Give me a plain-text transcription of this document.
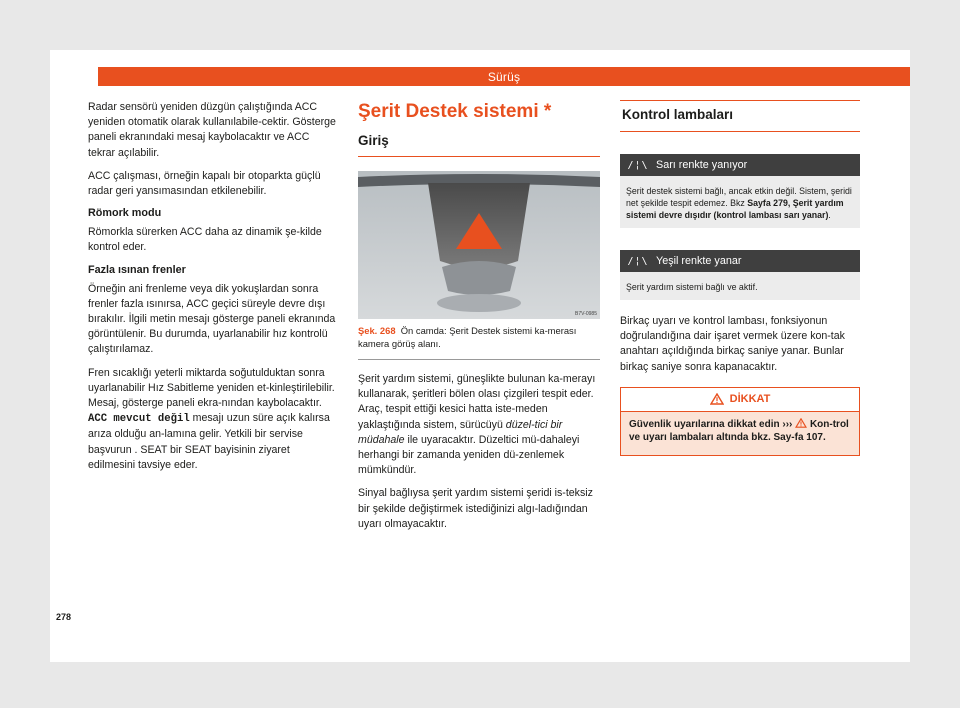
Sürüş

Radar sensörü yeniden düzgün çalıştığında ACC yeniden otomatik olarak kullanılabile-cektir. Gösterge paneli ekranındaki mesaj kaybolacaktır ve ACC tekrar açılabilir.

ACC çalışması, örneğin kapalı bir otoparkta güçlü radar geri yansımasından etkilenebilir.

Römork modu

Römorkla sürerken ACC daha az dinamik şe-kilde kontrol eder.

Fazla ısınan frenler

Örneğin ani frenleme veya dik yokuşlardan sonra frenler fazla ısınırsa, ACC geçici süreyle devre dışı bırakılır. İlgili metin mesajı gösterge paneli ekranında görüntülenir. Bu durumda, uyarlanabilir hız kontrolü çalıştırılamaz.

Fren sıcaklığı yeterli miktarda soğutulduktan sonra uyarlanabilir Hız Sabitleme yeniden et-kinleştirilebilir. Mesaj, gösterge paneli ekra-nından kaybolacaktır. ACC mevcut değil mesajı uzun süre açık kalırsa arıza olduğu an-lamına gelir. Yetkili bir servise başvurun . SEAT bir SEAT bayisinin ziyaret edilmesini tavsiye eder.

Şerit Destek sistemi *
Giriş
B7V-0985

Şek. 268 Ön camda: Şerit Destek sistemi ka-merası kamera görüş alanı.

Şerit yardım sistemi, güneşlikte bulunan ka-merayı kullanarak, şeritleri bölen olası çizgileri tespit eder. Araç, tespit ettiği kesici hatta iste-meden yaklaştığında sistem, sürücüyü düzel-tici bir müdahale ile uyaracaktır. Düzeltici mü-dahaleyi herhangi bir zamanda yeniden dü-zenlemek mümkündür.

Sinyal bağlıysa şerit yardım sistemi şeridi is-teksiz bir şekilde değiştirmek istediğinizi algı-ladığından uyarı olmayacaktır.

Kontrol lambaları
/¦\ Sarı renkte yanıyor
Şerit destek sistemi bağlı, ancak etkin değil. Sistem, şeridi net şekilde tespit edemez. Bkz Sayfa 279, Şerit yardım sistemi devre dışıdır (kontrol lambası sarı yanar).
/¦\ Yeşil renkte yanar
Şerit yardım sistemi bağlı ve aktif.

Birkaç uyarı ve kontrol lambası, fonksiyonun doğrulandığına dair işaret vermek üzere kon-tak anahtarı açıldığında birkaç saniye yanar. Bunlar birkaç saniye sonra kapanacaktır.

DİKKAT
Güvenlik uyarılarına dikkat edin ›››  Kon-trol ve uyarı lambaları altında bkz. Say-fa 107.
278
